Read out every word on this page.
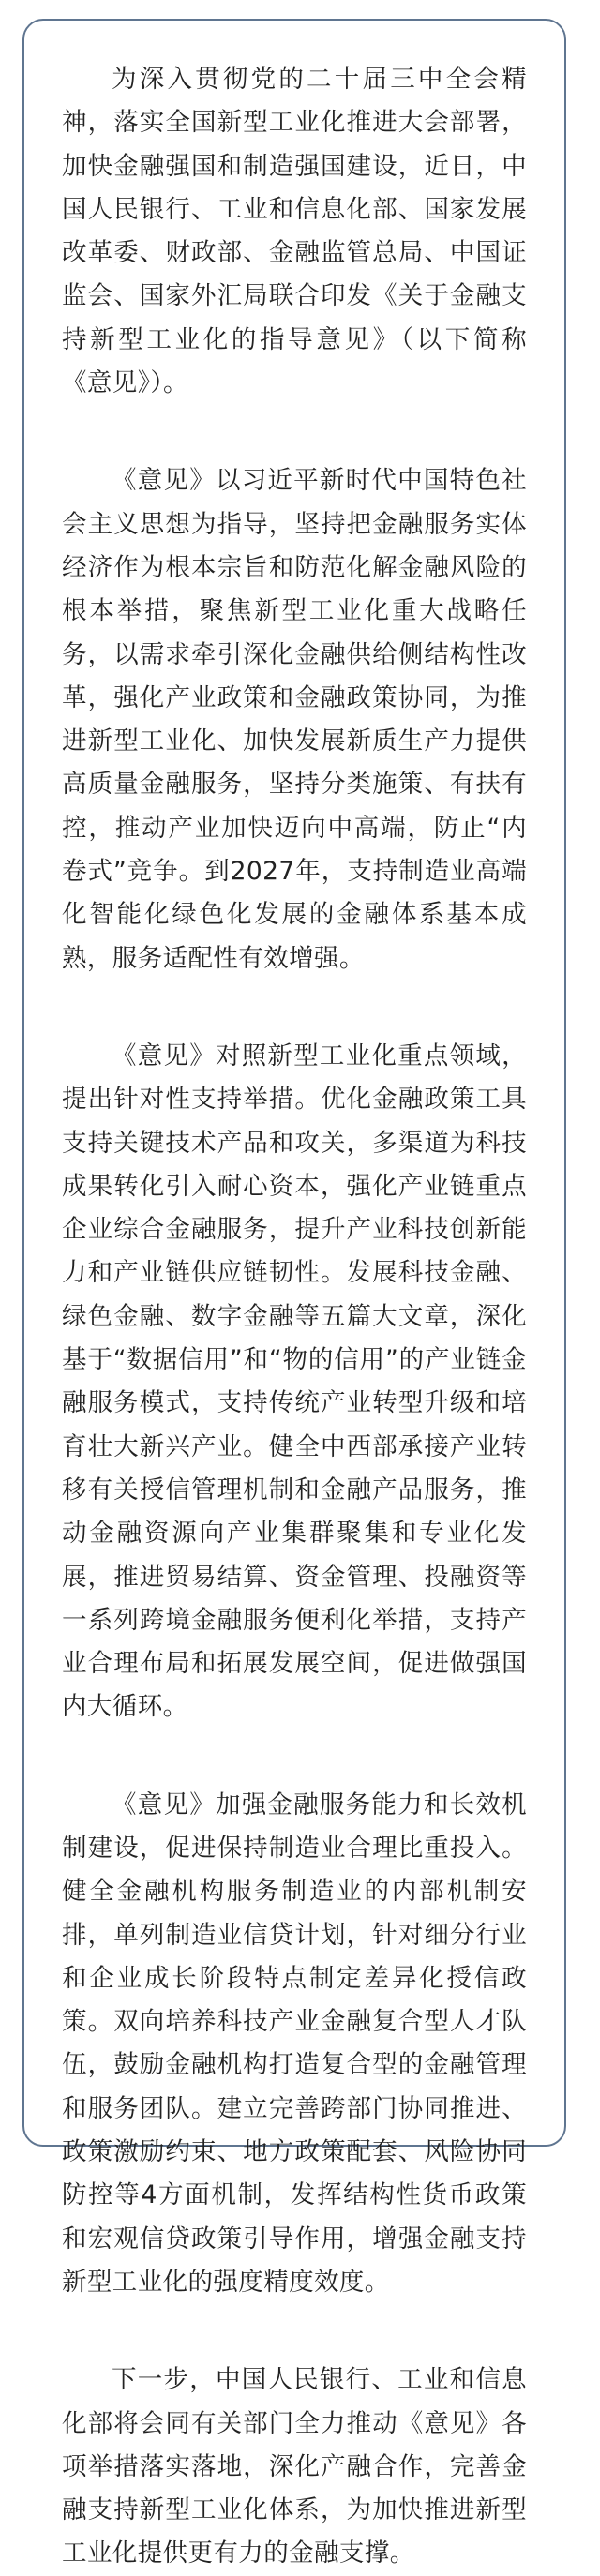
为深入贯彻党的二十届三中全会精神，落实全国新型工业化推进大会部署，加快金融强国和制造强国建设，近日，中国人民银行、工业和信息化部、国家发展改革委、财政部、金融监管总局、中国证监会、国家外汇局联合印发《关于金融支持新型工业化的指导意见》（以下简称《意见》）。

《意见》以习近平新时代中国特色社会主义思想为指导，坚持把金融服务实体经济作为根本宗旨和防范化解金融风险的根本举措，聚焦新型工业化重大战略任务，以需求牵引深化金融供给侧结构性改革，强化产业政策和金融政策协同，为推进新型工业化、加快发展新质生产力提供高质量金融服务，坚持分类施策、有扶有控，推动产业加快迈向中高端，防止“内卷式”竞争。到2027年，支持制造业高端化智能化绿色化发展的金融体系基本成熟，服务适配性有效增强。

《意见》对照新型工业化重点领域，提出针对性支持举措。优化金融政策工具支持关键技术产品和攻关，多渠道为科技成果转化引入耐心资本，强化产业链重点企业综合金融服务，提升产业科技创新能力和产业链供应链韧性。发展科技金融、绿色金融、数字金融等五篇大文章，深化基于“数据信用”和“物的信用”的产业链金融服务模式，支持传统产业转型升级和培育壮大新兴产业。健全中西部承接产业转移有关授信管理机制和金融产品服务，推动金融资源向产业集群聚集和专业化发展，推进贸易结算、资金管理、投融资等一系列跨境金融服务便利化举措，支持产业合理布局和拓展发展空间，促进做强国内大循环。

《意见》加强金融服务能力和长效机制建设，促进保持制造业合理比重投入。健全金融机构服务制造业的内部机制安排，单列制造业信贷计划，针对细分行业和企业成长阶段特点制定差异化授信政策。双向培养科技产业金融复合型人才队伍，鼓励金融机构打造复合型的金融管理和服务团队。建立完善跨部门协同推进、政策激励约束、地方政策配套、风险协同防控等4方面机制，发挥结构性货币政策和宏观信贷政策引导作用，增强金融支持新型工业化的强度精度效度。

下一步，中国人民银行、工业和信息化部将会同有关部门全力推动《意见》各项举措落实落地，深化产融合作，完善金融支持新型工业化体系，为加快推进新型工业化提供更有力的金融支撑。
